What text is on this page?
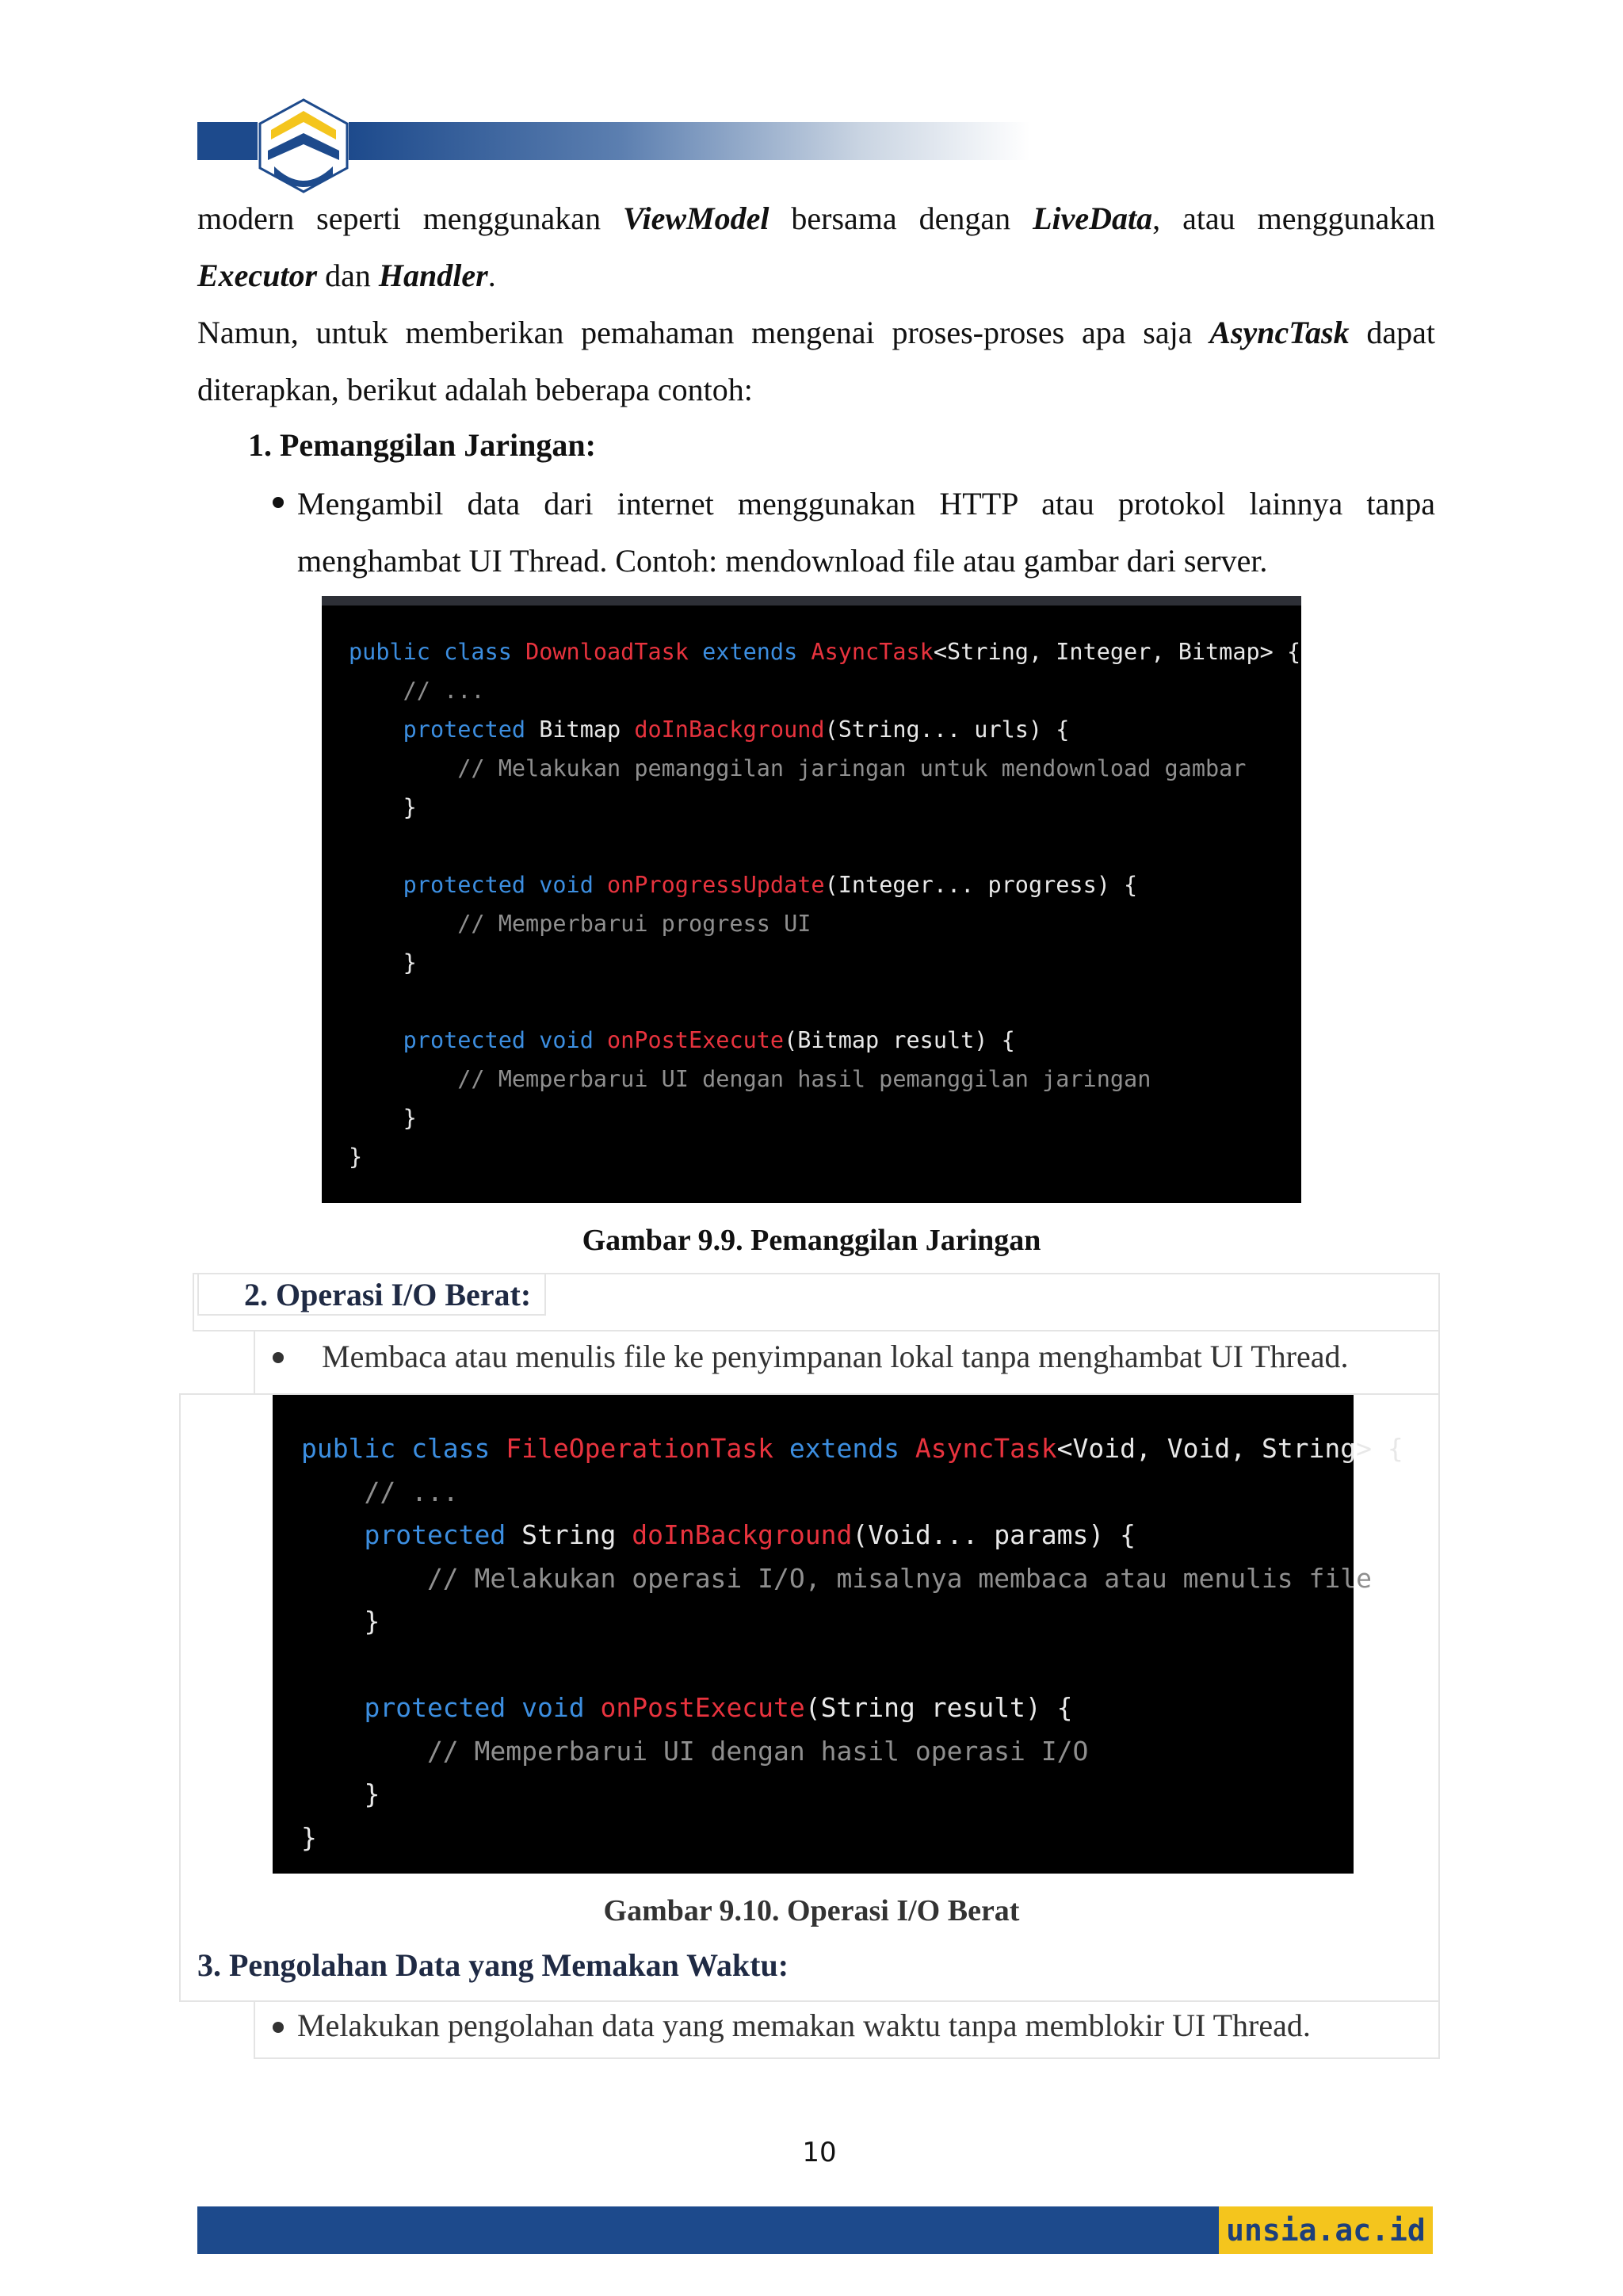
modern seperti menggunakan ViewModel bersama dengan LiveData, atau menggunakan Executor dan Handler.
Namun, untuk memberikan pemahaman mengenai proses-proses apa saja AsyncTask dapat diterapkan, berikut adalah beberapa contoh:
1. Pemanggilan Jaringan:
Mengambil data dari internet menggunakan HTTP atau protokol lainnya tanpa menghambat UI Thread. Contoh: mendownload file atau gambar dari server.

public class DownloadTask extends AsyncTask<String, Integer, Bitmap> {
// ...
protected Bitmap doInBackground(String... urls) {
// Melakukan pemanggilan jaringan untuk mendownload gambar
}
protected void onProgressUpdate(Integer... progress) {
// Memperbarui progress UI
}
protected void onPostExecute(Bitmap result) {
// Memperbarui UI dengan hasil pemanggilan jaringan
}
}
Gambar 9.9. Pemanggilan Jaringan
2. Operasi I/O Berat:
Membaca atau menulis file ke penyimpanan lokal tanpa menghambat UI Thread.
public class FileOperationTask extends AsyncTask<Void, Void, String> {
// ...
protected String doInBackground(Void... params) {
// Melakukan operasi I/O, misalnya membaca atau menulis file
}
protected void onPostExecute(String result) {
// Memperbarui UI dengan hasil operasi I/O
}
}
Gambar 9.10. Operasi I/O Berat
3. Pengolahan Data yang Memakan Waktu:
Melakukan pengolahan data yang memakan waktu tanpa memblokir UI Thread.
10
unsia.ac.id
